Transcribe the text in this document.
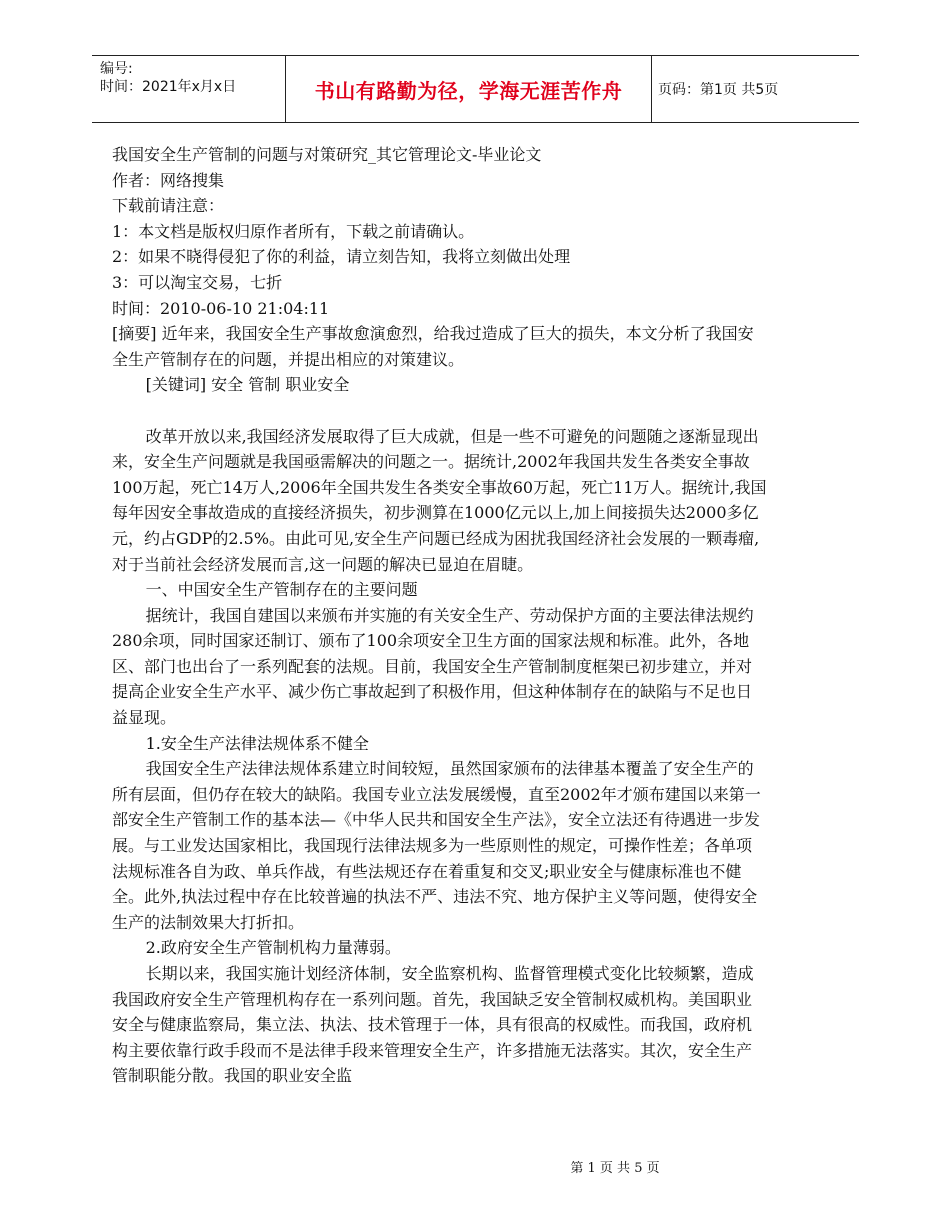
编号:
时间：2021年x月x日	书山有路勤为径，学海无涯苦作舟	页码：第1页 共5页

我国安全生产管制的问题与对策研究_其它管理论文-毕业论文

作者：网络搜集

下载前请注意：

1：本文档是版权归原作者所有，下载之前请确认。

2：如果不晓得侵犯了你的利益，请立刻告知，我将立刻做出处理

3：可以淘宝交易，七折

时间：2010-06-10 21:04:11

[摘要] 近年来，我国安全生产事故愈演愈烈，给我过造成了巨大的损失，本文分析了我国安全生产管制存在的问题，并提出相应的对策建议。

[关键词] 安全 管制 职业安全

改革开放以来,我国经济发展取得了巨大成就，但是一些不可避免的问题随之逐渐显现出来，安全生产问题就是我国亟需解决的问题之一。据统计,2002年我国共发生各类安全事故100万起，死亡14万人,2006年全国共发生各类安全事故60万起，死亡11万人。据统计,我国每年因安全事故造成的直接经济损失，初步测算在1000亿元以上,加上间接损失达2000多亿元，约占GDP的2.5%。由此可见,安全生产问题已经成为困扰我国经济社会发展的一颗毒瘤,对于当前社会经济发展而言,这一问题的解决已显迫在眉睫。

一、中国安全生产管制存在的主要问题

据统计，我国自建国以来颁布并实施的有关安全生产、劳动保护方面的主要法律法规约280余项，同时国家还制订、颁布了100余项安全卫生方面的国家法规和标准。此外，各地区、部门也出台了一系列配套的法规。目前，我国安全生产管制制度框架已初步建立，并对提高企业安全生产水平、减少伤亡事故起到了积极作用，但这种体制存在的缺陷与不足也日益显现。

1.安全生产法律法规体系不健全

我国安全生产法律法规体系建立时间较短，虽然国家颁布的法律基本覆盖了安全生产的所有层面，但仍存在较大的缺陷。我国专业立法发展缓慢，直至2002年才颁布建国以来第一部安全生产管制工作的基本法—《中华人民共和国安全生产法》，安全立法还有待遇进一步发展。与工业发达国家相比，我国现行法律法规多为一些原则性的规定，可操作性差；各单项法规标准各自为政、单兵作战，有些法规还存在着重复和交叉;职业安全与健康标准也不健全。此外,执法过程中存在比较普遍的执法不严、违法不究、地方保护主义等问题，使得安全生产的法制效果大打折扣。

2.政府安全生产管制机构力量薄弱。

长期以来，我国实施计划经济体制，安全监察机构、监督管理模式变化比较频繁，造成我国政府安全生产管理机构存在一系列问题。首先，我国缺乏安全管制权威机构。美国职业安全与健康监察局，集立法、执法、技术管理于一体，具有很高的权威性。而我国，政府机构主要依靠行政手段而不是法律手段来管理安全生产，许多措施无法落实。其次，安全生产管制职能分散。我国的职业安全监

第 1 页 共 5 页
